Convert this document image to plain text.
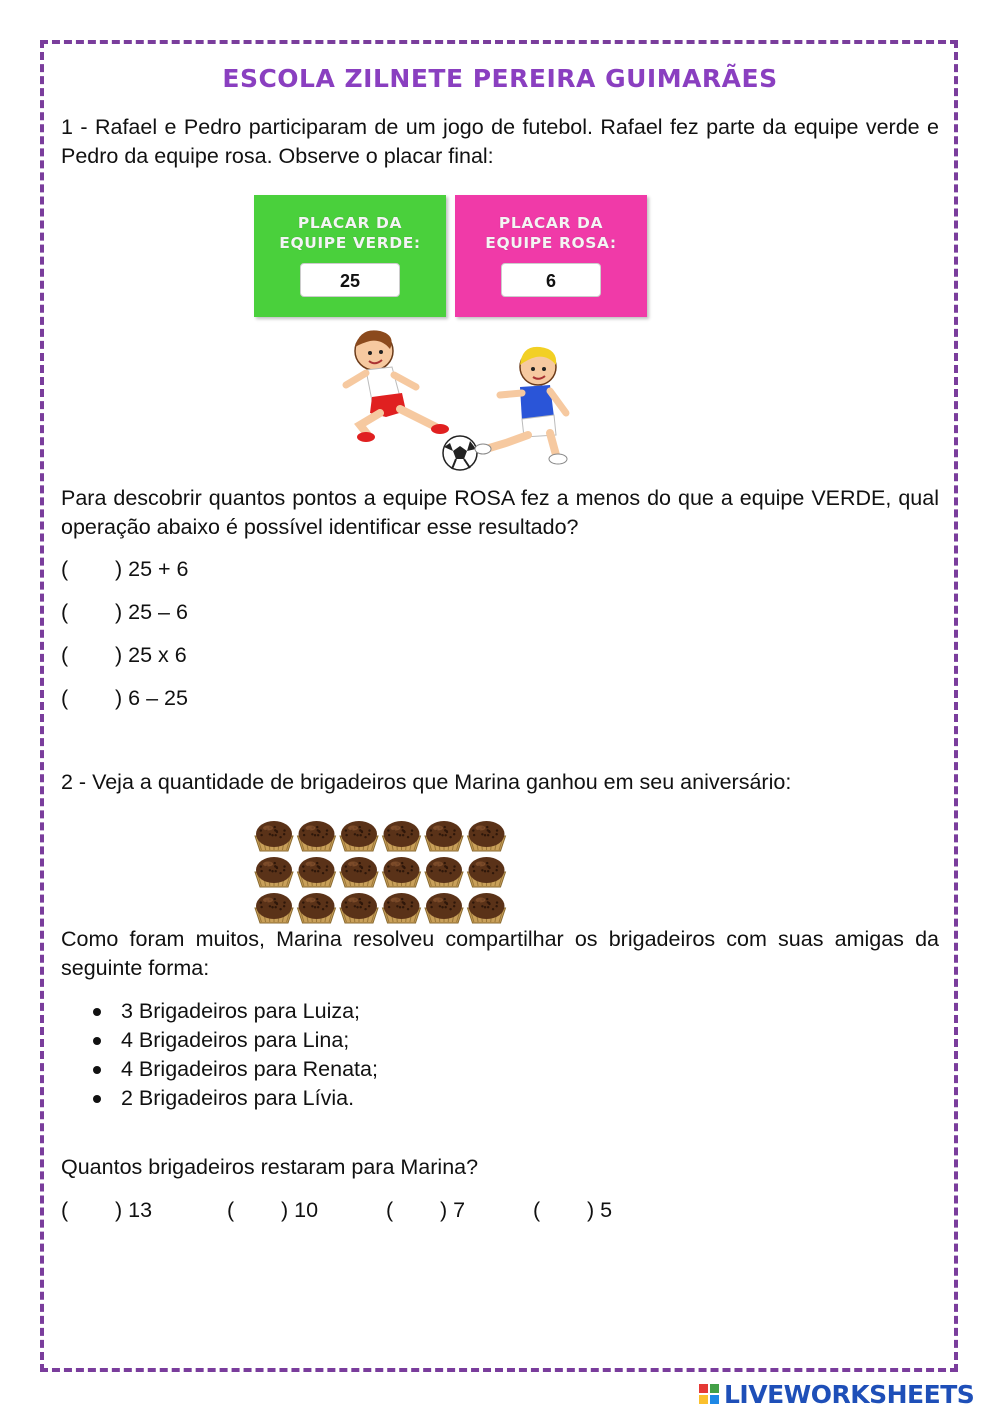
ESCOLA ZILNETE PEREIRA GUIMARÃES

1 - Rafael e Pedro participaram de um jogo de futebol. Rafael fez parte da equipe verde e Pedro da equipe rosa. Observe o placar final:

PLACAR DA
EQUIPE VERDE:
25
PLACAR DA
EQUIPE ROSA:
6

Para descobrir quantos pontos a equipe ROSA fez a menos do que a equipe VERDE, qual operação abaixo é possível identificar esse resultado?

( ) 25 + 6
( ) 25 – 6
( ) 25 x 6
( ) 6 – 25
2 - Veja a quantidade de brigadeiros que Marina ganhou em seu aniversário:

Como foram muitos, Marina resolveu compartilhar os brigadeiros com suas amigas da seguinte forma:

3 Brigadeiros para Luiza;
4 Brigadeiros para Lina;
4 Brigadeiros para Renata;
2 Brigadeiros para Lívia.
Quantos brigadeiros restaram para Marina?
( ) 13	( ) 10	( ) 7	( ) 5
LIVEWORKSHEETS
